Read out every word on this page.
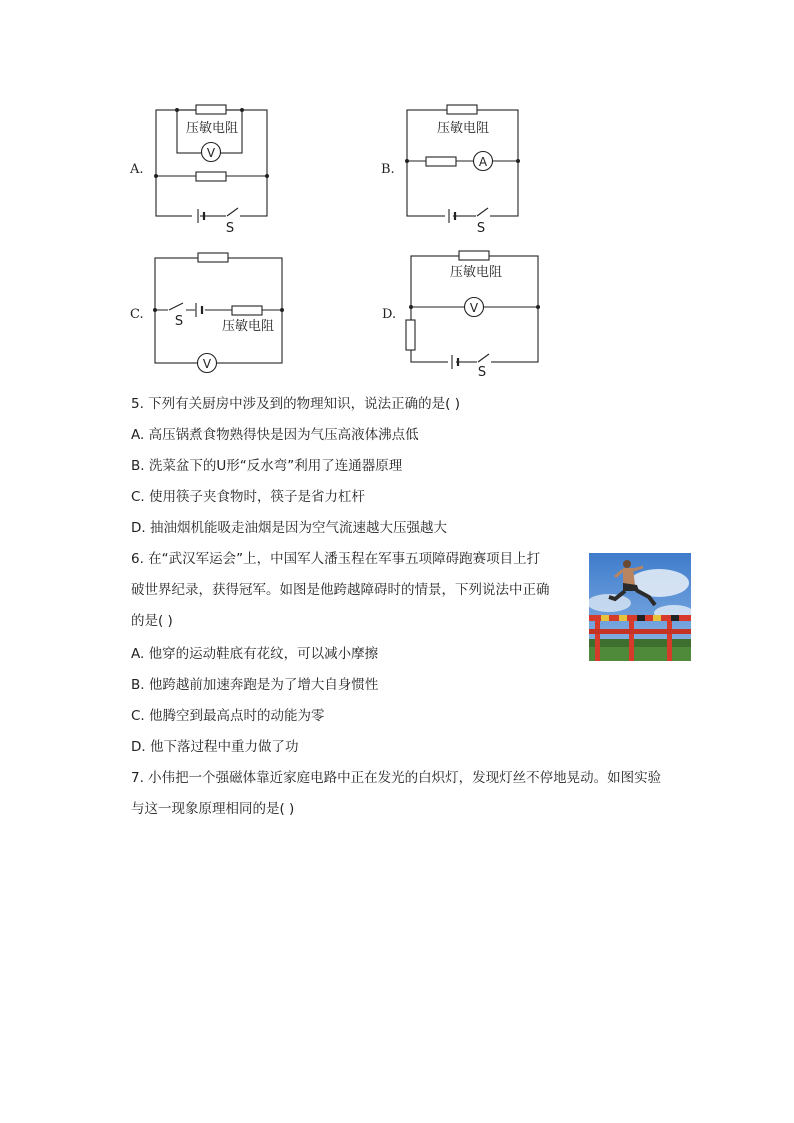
压敏电阻
V
S
压敏电阻
A
S
S	压敏电阻
V
压敏电阻
V
S
A.	B.
C.	D.
5. 下列有关厨房中涉及到的物理知识，说法正确的是( )
A. 高压锅煮食物熟得快是因为气压高液体沸点低
B. 洗菜盆下的U形“反水弯”利用了连通器原理
C. 使用筷子夹食物时，筷子是省力杠杆
D. 抽油烟机能吸走油烟是因为空气流速越大压强越大
6. 在“武汉军运会”上，中国军人潘玉程在军事五项障碍跑赛项目上打
破世界纪录，获得冠军。如图是他跨越障碍时的情景，下列说法中正确
的是( )
A. 他穿的运动鞋底有花纹，可以减小摩擦
B. 他跨越前加速奔跑是为了增大自身惯性
C. 他腾空到最高点时的动能为零
D. 他下落过程中重力做了功
7. 小伟把一个强磁体靠近家庭电路中正在发光的白炽灯，发现灯丝不停地晃动。如图实验
与这一现象原理相同的是( )
